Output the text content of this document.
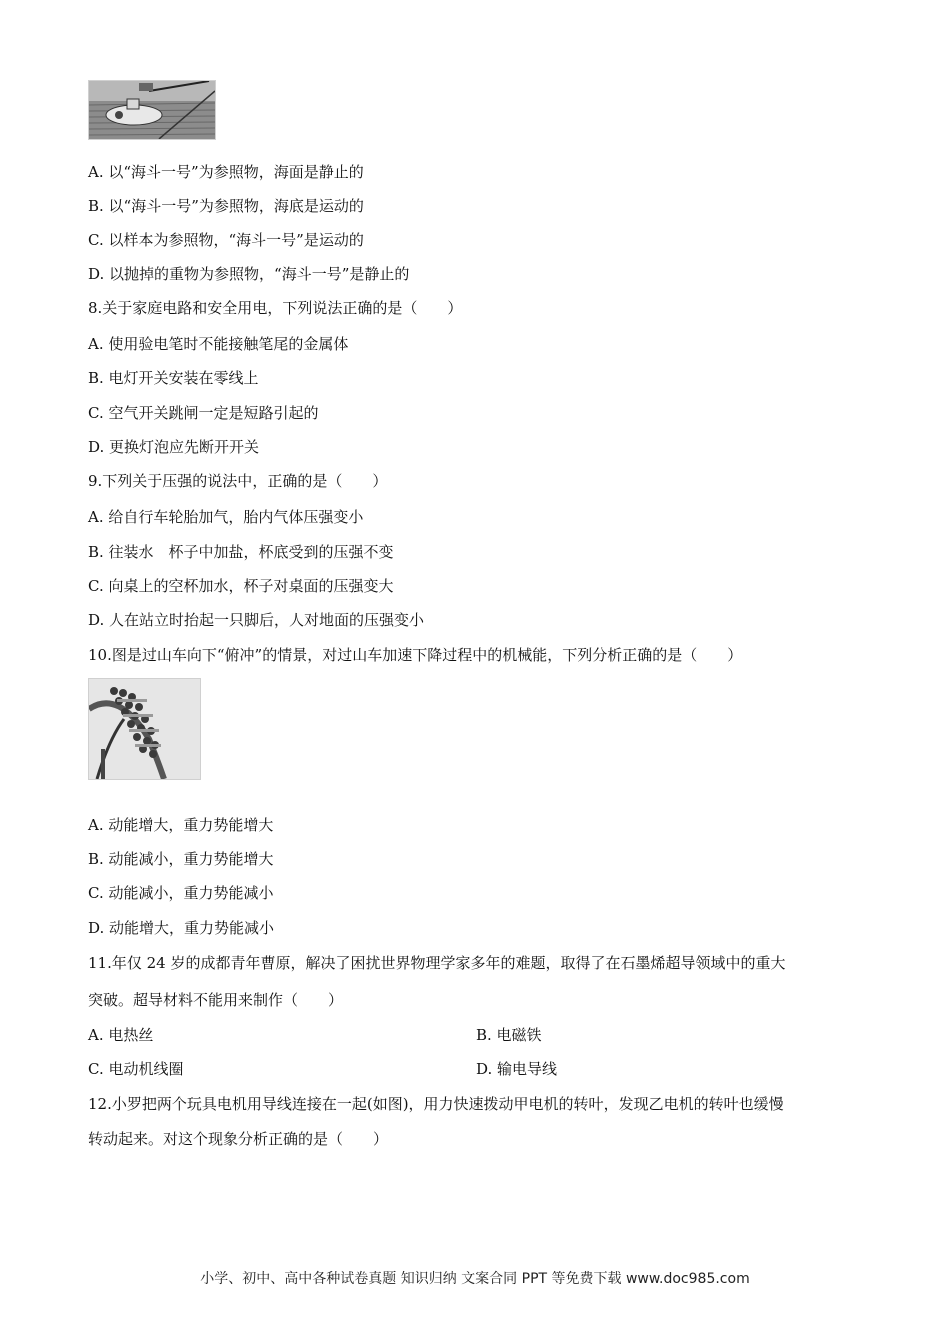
A. 以“海斗一号”为参照物，海面是静止的
B. 以“海斗一号”为参照物，海底是运动的
C. 以样本为参照物，“海斗一号”是运动的
D. 以抛掉的重物为参照物，“海斗一号”是静止的
8.关于家庭电路和安全用电，下列说法正确的是（　　）
A. 使用验电笔时不能接触笔尾的金属体
B. 电灯开关安装在零线上
C. 空气开关跳闸一定是短路引起的
D. 更换灯泡应先断开开关
9.下列关于压强的说法中，正确的是（　　）
A. 给自行车轮胎加气，胎内气体压强变小
B. 往装水　杯子中加盐，杯底受到的压强不变
C. 向桌上的空杯加水，杯子对桌面的压强变大
D. 人在站立时抬起一只脚后，人对地面的压强变小
10.图是过山车向下“俯冲”的情景，对过山车加速下降过程中的机械能，下列分析正确的是（　　）
A. 动能增大，重力势能增大
B. 动能减小，重力势能增大
C. 动能减小，重力势能减小
D. 动能增大，重力势能减小
11.年仅 24 岁的成都青年曹原，解决了困扰世界物理学家多年的难题，取得了在石墨烯超导领域中的重大
突破。超导材料不能用来制作（　　）
A. 电热丝	B. 电磁铁
C. 电动机线圈	D. 输电导线
12.小罗把两个玩具电机用导线连接在一起(如图)，用力快速拨动甲电机的转叶，发现乙电机的转叶也缓慢
转动起来。对这个现象分析正确的是（　　）
小学、初中、高中各种试卷真题 知识归纳 文案合同 PPT 等免费下载 www.doc985.com
